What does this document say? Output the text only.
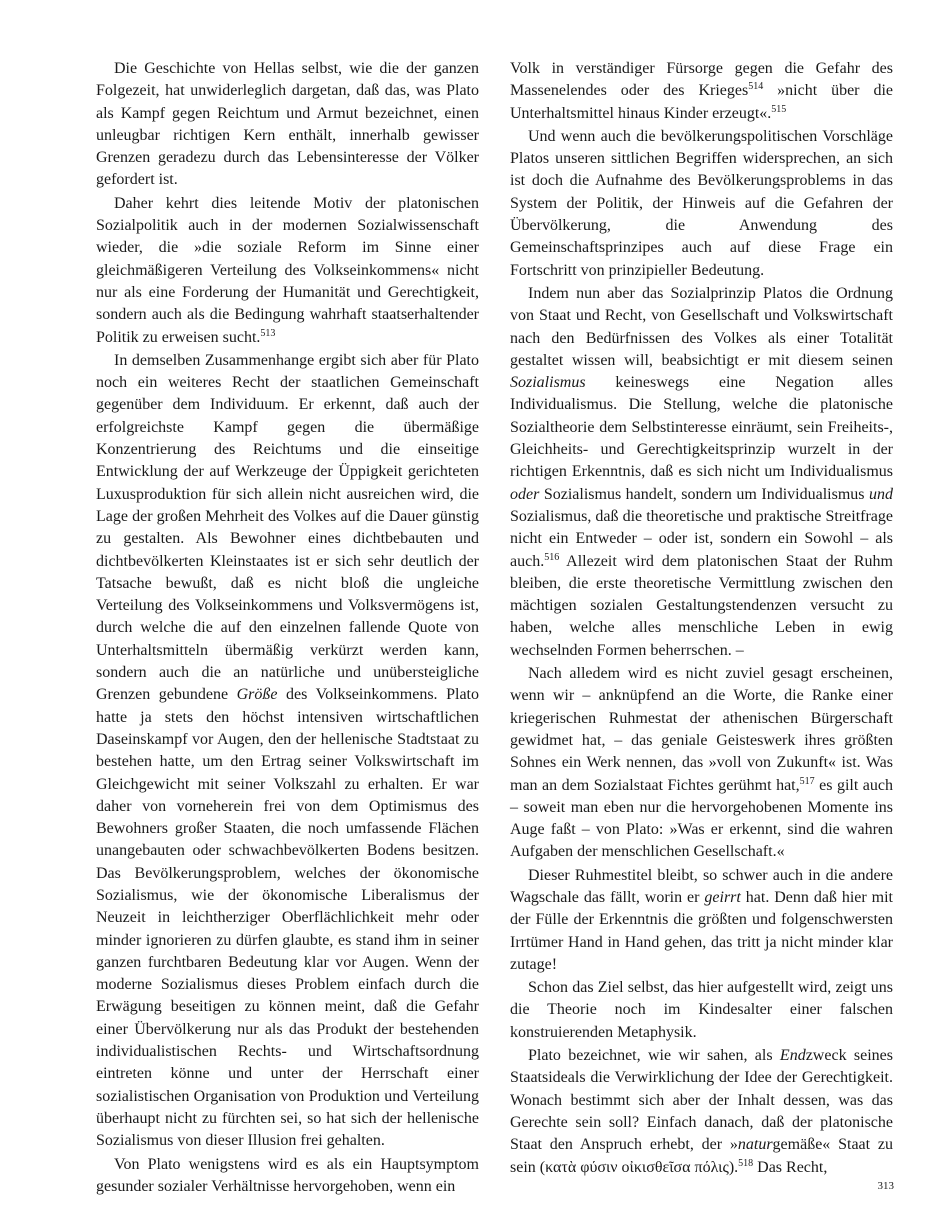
Die Geschichte von Hellas selbst, wie die der ganzen Folgezeit, hat unwiderleglich dargetan, daß das, was Plato als Kampf gegen Reichtum und Armut bezeichnet, einen unleugbar richtigen Kern enthält, innerhalb gewisser Grenzen geradezu durch das Lebensinteresse der Völker gefordert ist.

Daher kehrt dies leitende Motiv der platonischen Sozialpolitik auch in der modernen Sozialwissenschaft wieder, die »die soziale Reform im Sinne einer gleichmäßigeren Verteilung des Volkseinkommens« nicht nur als eine Forderung der Humanität und Gerechtigkeit, sondern auch als die Bedingung wahrhaft staatserhaltender Politik zu erweisen sucht.$^{513}$

In demselben Zusammenhange ergibt sich aber für Plato noch ein weiteres Recht der staatlichen Gemeinschaft gegenüber dem Individuum. Er erkennt, daß auch der erfolgreichste Kampf gegen die übermäßige Konzentrierung des Reichtums und die einseitige Entwicklung der auf Werkzeuge der Üppigkeit gerichteten Luxusproduktion für sich allein nicht ausreichen wird, die Lage der großen Mehrheit des Volkes auf die Dauer günstig zu gestalten. Als Bewohner eines dichtbebauten und dichtbevölkerten Kleinstaates ist er sich sehr deutlich der Tatsache bewußt, daß es nicht bloß die ungleiche Verteilung des Volkseinkommens und Volksvermögens ist, durch welche die auf den einzelnen fallende Quote von Unterhaltsmitteln übermäßig verkürzt werden kann, sondern auch die an natürliche und unübersteigliche Grenzen gebundene Größe des Volkseinkommens. Plato hatte ja stets den höchst intensiven wirtschaftlichen Daseinskampf vor Augen, den der hellenische Stadtstaat zu bestehen hatte, um den Ertrag seiner Volkswirtschaft im Gleichgewicht mit seiner Volkszahl zu erhalten. Er war daher von vorneherein frei von dem Optimismus des Bewohners großer Staaten, die noch umfassende Flächen unangebauten oder schwachbevölkerten Bodens besitzen. Das Bevölkerungsproblem, welches der ökonomische Sozialismus, wie der ökonomische Liberalismus der Neuzeit in leichtherziger Oberflächlichkeit mehr oder minder ignorieren zu dürfen glaubte, es stand ihm in seiner ganzen furchtbaren Bedeutung klar vor Augen. Wenn der moderne Sozialismus dieses Problem einfach durch die Erwägung beseitigen zu können meint, daß die Gefahr einer Übervölkerung nur als das Produkt der bestehenden individualistischen Rechts- und Wirtschaftsordnung eintreten könne und unter der Herrschaft einer sozialistischen Organisation von Produktion und Verteilung überhaupt nicht zu fürchten sei, so hat sich der hellenische Sozialismus von dieser Illusion frei gehalten.

Von Plato wenigstens wird es als ein Hauptsymptom gesunder sozialer Verhältnisse hervorgehoben, wenn ein

Volk in verständiger Fürsorge gegen die Gefahr des Massenelendes oder des Krieges$^{514}$ »nicht über die Unterhaltsmittel hinaus Kinder erzeugt«.$^{515}$

Und wenn auch die bevölkerungspolitischen Vorschläge Platos unseren sittlichen Begriffen widersprechen, an sich ist doch die Aufnahme des Bevölkerungsproblems in das System der Politik, der Hinweis auf die Gefahren der Übervölkerung, die Anwendung des Gemeinschaftsprinzipes auch auf diese Frage ein Fortschritt von prinzipieller Bedeutung.

Indem nun aber das Sozialprinzip Platos die Ordnung von Staat und Recht, von Gesellschaft und Volkswirtschaft nach den Bedürfnissen des Volkes als einer Totalität gestaltet wissen will, beabsichtigt er mit diesem seinen Sozialismus keineswegs eine Negation alles Individualismus. Die Stellung, welche die platonische Sozialtheorie dem Selbstinteresse einräumt, sein Freiheits-, Gleichheits- und Gerechtigkeitsprinzip wurzelt in der richtigen Erkenntnis, daß es sich nicht um Individualismus oder Sozialismus handelt, sondern um Individualismus und Sozialismus, daß die theoretische und praktische Streitfrage nicht ein Entweder – oder ist, sondern ein Sowohl – als auch.$^{516}$ Allezeit wird dem platonischen Staat der Ruhm bleiben, die erste theoretische Vermittlung zwischen den mächtigen sozialen Gestaltungstendenzen versucht zu haben, welche alles menschliche Leben in ewig wechselnden Formen beherrschen. –

Nach alledem wird es nicht zuviel gesagt erscheinen, wenn wir – anknüpfend an die Worte, die Ranke einer kriegerischen Ruhmestat der athenischen Bürgerschaft gewidmet hat, – das geniale Geisteswerk ihres größten Sohnes ein Werk nennen, das »voll von Zukunft« ist. Was man an dem Sozialstaat Fichtes gerühmt hat,$^{517}$ es gilt auch – soweit man eben nur die hervorgehobenen Momente ins Auge faßt – von Plato: »Was er erkennt, sind die wahren Aufgaben der menschlichen Gesellschaft.«

Dieser Ruhmestitel bleibt, so schwer auch in die andere Wagschale das fällt, worin er geirrt hat. Denn daß hier mit der Fülle der Erkenntnis die größten und folgenschwersten Irrtümer Hand in Hand gehen, das tritt ja nicht minder klar zutage!

Schon das Ziel selbst, das hier aufgestellt wird, zeigt uns die Theorie noch im Kindesalter einer falschen konstruierenden Metaphysik.

Plato bezeichnet, wie wir sahen, als Endzweck seines Staatsideals die Verwirklichung der Idee der Gerechtigkeit. Wonach bestimmt sich aber der Inhalt dessen, was das Gerechte sein soll? Einfach danach, daß der platonische Staat den Anspruch erhebt, der »naturgemäße« Staat zu sein (κατὰ φύσιν οἰκισθεῖσα πόλις).$^{518}$ Das Recht,

313
